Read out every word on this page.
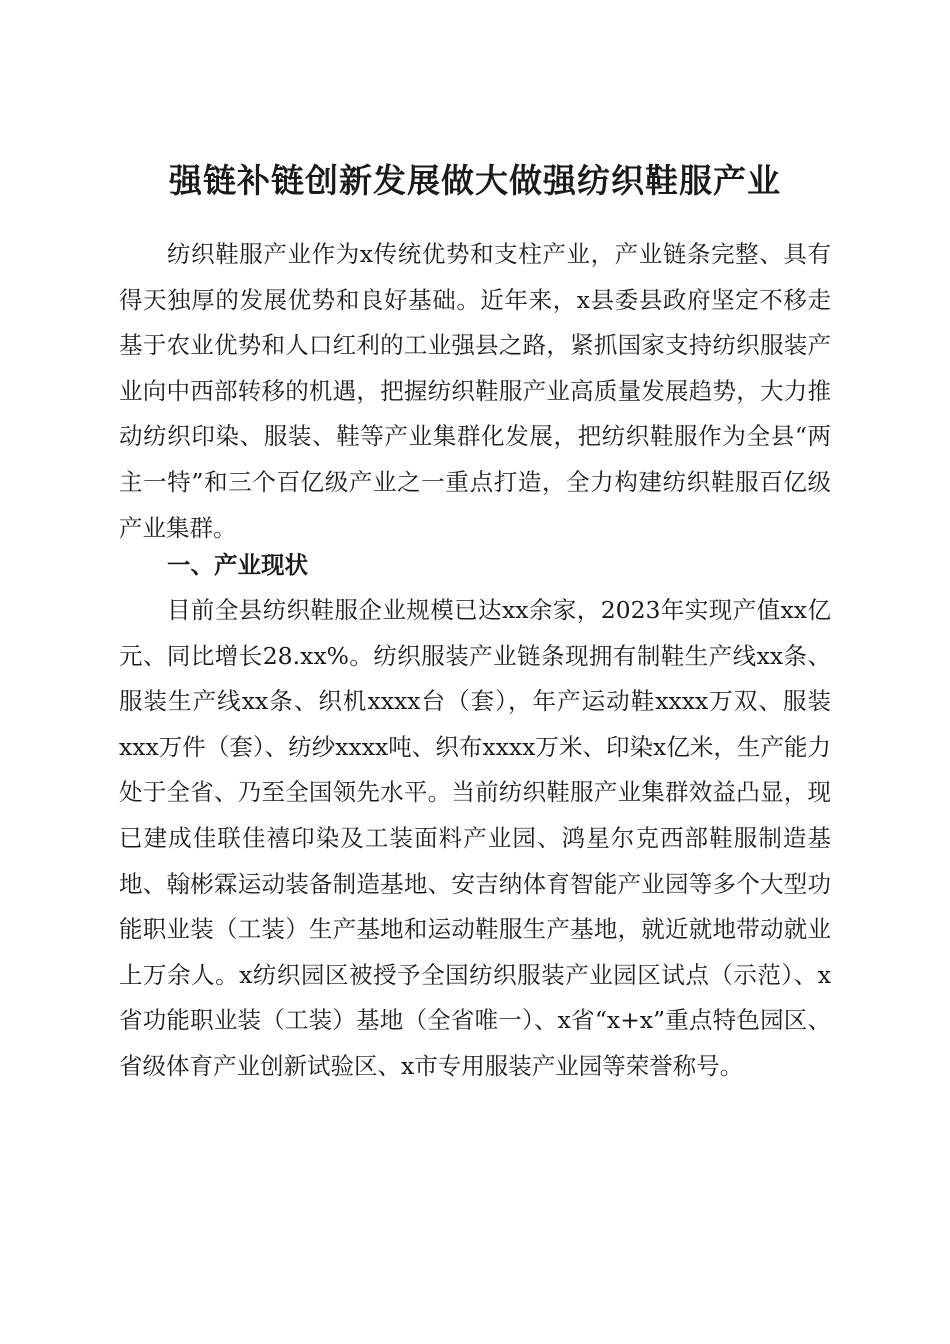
强链补链创新发展做大做强纺织鞋服产业

纺织鞋服产业作为x传统优势和支柱产业，产业链条完整、具有得天独厚的发展优势和良好基础。近年来，x县委县政府坚定不移走基于农业优势和人口红利的工业强县之路，紧抓国家支持纺织服装产业向中西部转移的机遇，把握纺织鞋服产业高质量发展趋势，大力推动纺织印染、服装、鞋等产业集群化发展，把纺织鞋服作为全县“两主一特”和三个百亿级产业之一重点打造，全力构建纺织鞋服百亿级产业集群。

一、产业现状

目前全县纺织鞋服企业规模已达xx余家，2023年实现产值xx亿元、同比增长28.xx%。纺织服装产业链条现拥有制鞋生产线xx条、服装生产线xx条、织机xxxx台（套），年产运动鞋xxxx万双、服装xxx万件（套）、纺纱xxxx吨、织布xxxx万米、印染x亿米，生产能力处于全省、乃至全国领先水平。当前纺织鞋服产业集群效益凸显，现已建成佳联佳禧印染及工装面料产业园、鸿星尔克西部鞋服制造基地、翰彬霖运动装备制造基地、安吉纳体育智能产业园等多个大型功能职业装（工装）生产基地和运动鞋服生产基地，就近就地带动就业上万余人。x纺织园区被授予全国纺织服装产业园区试点（示范）、x省功能职业装（工装）基地（全省唯一）、x省“x+x”重点特色园区、省级体育产业创新试验区、x市专用服装产业园等荣誉称号。
